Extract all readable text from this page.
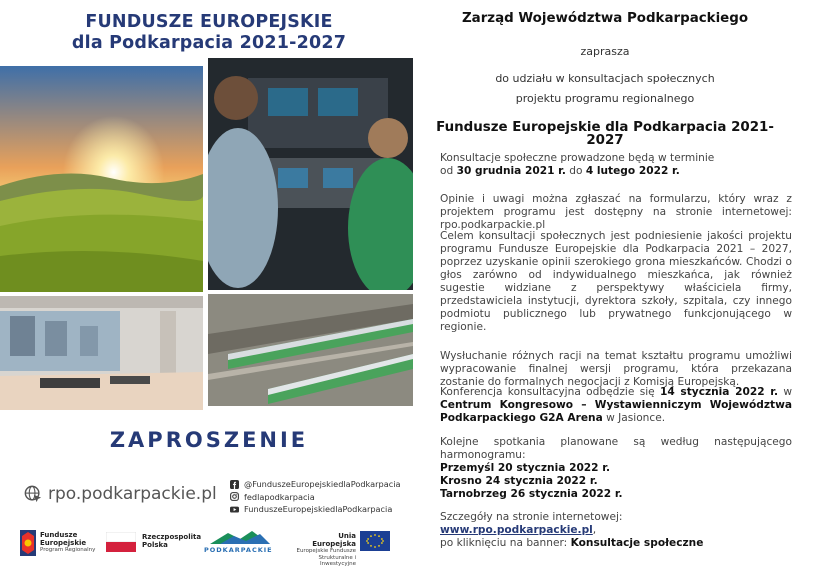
FUNDUSZE EUROPEJSKIE
dla Podkarpacia 2021-2027
ZAPROSZENIE
rpo.podkarpackie.pl	@FunduszeEuropejskiedlaPodkarpacia
fedlapodkarpacia
FunduszeEuropejskiedlaPodkarpacia
Fundusze
Europejskie
Program Regionalny
Rzeczpospolita
Polska
PODKARPACKIE
Unia Europejska
Europejskie Fundusze
Strukturalne i Inwestycyjne
Zarząd Województwa Podkarpackiego
zaprasza
do udziału w konsultacjach społecznych
projektu programu regionalnego
Fundusze Europejskie dla Podkarpacia 2021-2027
Konsultacje społeczne prowadzone będą w terminie
od 30 grudnia 2021 r. do 4 lutego 2022 r.
Opinie i uwagi można zgłaszać na formularzu, który wraz z projektem programu jest dostępny na stronie internetowej: rpo.podkarpackie.pl
Celem konsultacji społecznych jest podniesienie jakości projektu programu Fundusze Europejskie dla Podkarpacia 2021 – 2027, poprzez uzyskanie opinii szerokiego grona mieszkańców. Chodzi o głos zarówno od indywidualnego mieszkańca, jak również sugestie widziane z perspektywy właściciela firmy, przedstawiciela instytucji, dyrektora szkoły, szpitala, czy innego podmiotu publicznego lub prywatnego funkcjonującego w regionie.
Wysłuchanie różnych racji na temat kształtu programu umożliwi wypracowanie finalnej wersji programu, która przekazana zostanie do formalnych negocjacji z Komisją Europejską.
Konferencja konsultacyjna odbędzie się 14 stycznia 2022 r. w Centrum Kongresowo – Wystawienniczym Województwa Podkarpackiego G2A Arena w Jasionce.
Kolejne spotkania planowane są według następującego harmonogramu:
Przemyśl 20 stycznia 2022 r.
Krosno 24 stycznia 2022 r.
Tarnobrzeg 26 stycznia 2022 r.
Szczegóły na stronie internetowej:
www.rpo.podkarpackie.pl,
po kliknięciu na banner: Konsultacje społeczne
